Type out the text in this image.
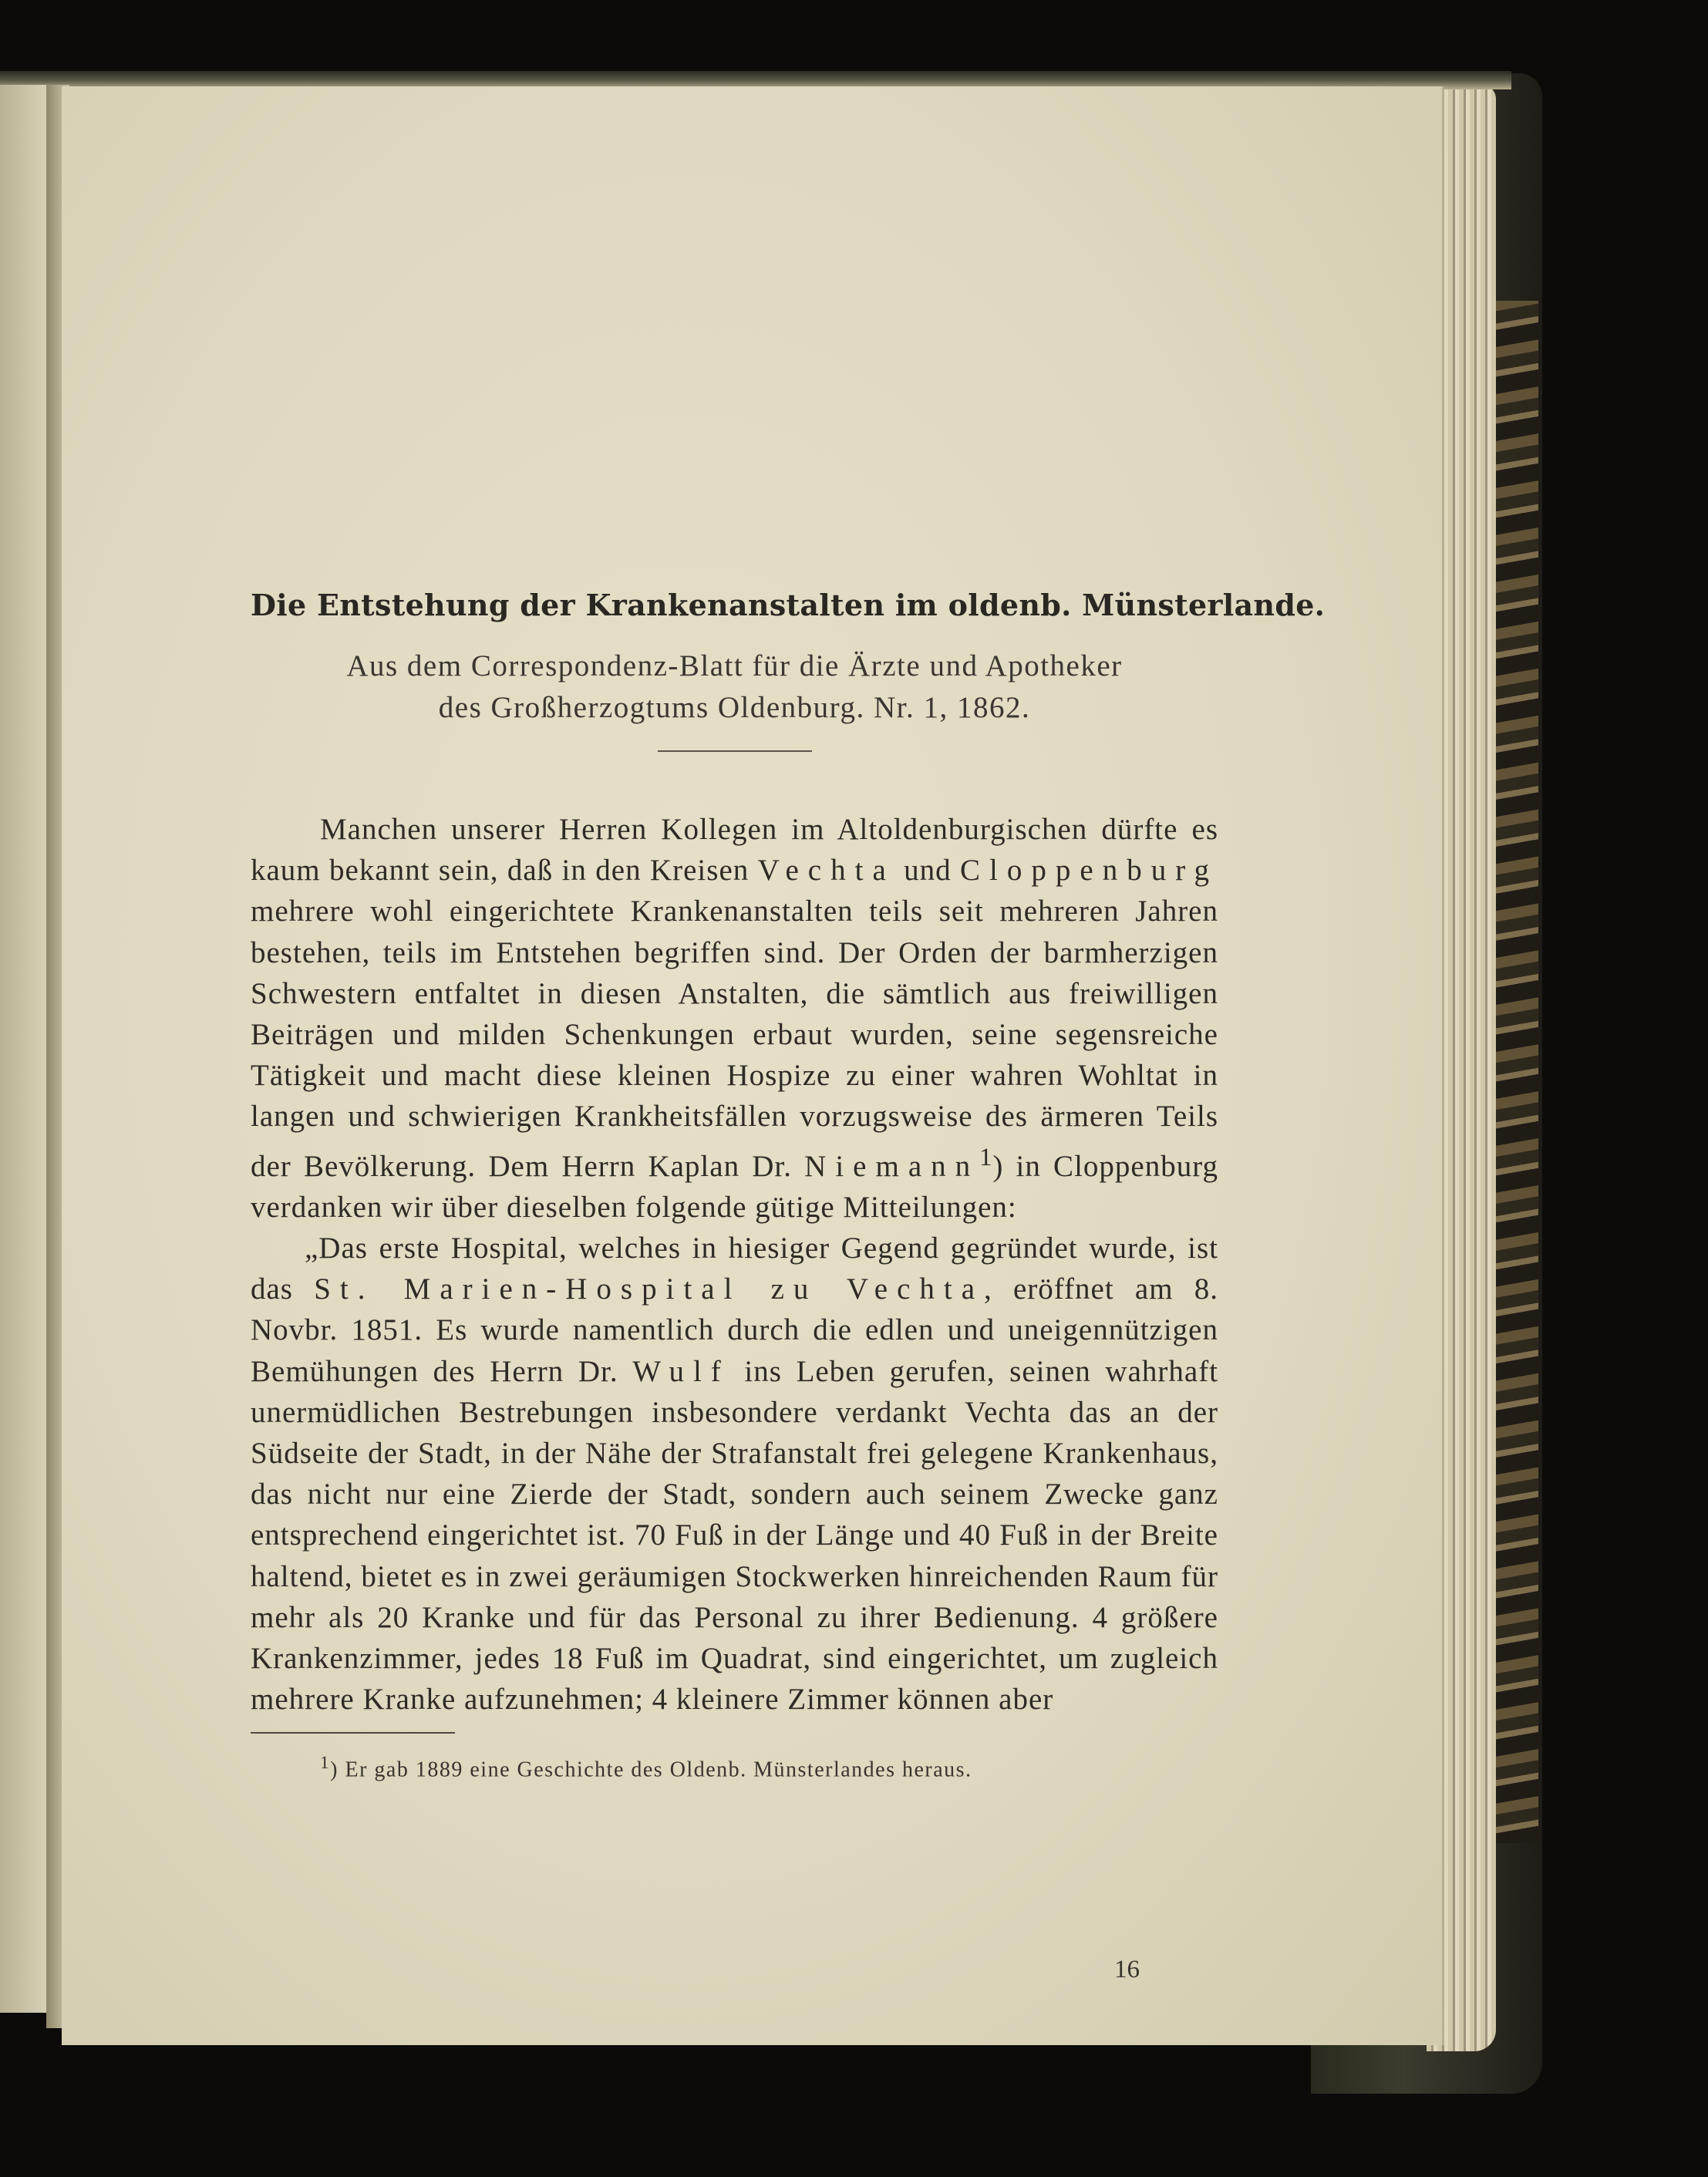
Die Entstehung der Krankenanstalten im oldenb. Münsterlande.
Aus dem Correspondenz-Blatt für die Ärzte und Apotheker
des Großherzogtums Oldenburg. Nr. 1, 1862.

Manchen unserer Herren Kollegen im Altoldenburgischen dürfte es kaum bekannt sein, daß in den Kreisen Vechta und Cloppenburg mehrere wohl eingerichtete Krankenanstalten teils seit mehreren Jahren bestehen, teils im Entstehen begriffen sind. Der Orden der barmherzigen Schwestern entfaltet in diesen Anstalten, die sämtlich aus freiwilligen Beiträgen und milden Schenkungen erbaut wurden, seine segensreiche Tätigkeit und macht diese kleinen Hospize zu einer wahren Wohltat in langen und schwierigen Krankheitsfällen vorzugsweise des ärmeren Teils der Bevölkerung. Dem Herrn Kaplan Dr. Niemann$^1$) in Cloppenburg verdanken wir über dieselben folgende gütige Mitteilungen:

„Das erste Hospital, welches in hiesiger Gegend gegründet wurde, ist das St. Marien-Hospital zu Vechta, eröffnet am 8. Novbr. 1851. Es wurde namentlich durch die edlen und uneigennützigen Bemühungen des Herrn Dr. Wulf ins Leben gerufen, seinen wahrhaft unermüdlichen Bestrebungen insbesondere verdankt Vechta das an der Südseite der Stadt, in der Nähe der Strafanstalt frei gelegene Krankenhaus, das nicht nur eine Zierde der Stadt, sondern auch seinem Zwecke ganz entsprechend eingerichtet ist. 70 Fuß in der Länge und 40 Fuß in der Breite haltend, bietet es in zwei geräumigen Stockwerken hinreichenden Raum für mehr als 20 Kranke und für das Personal zu ihrer Bedienung. 4 größere Krankenzimmer, jedes 18 Fuß im Quadrat, sind eingerichtet, um zugleich mehrere Kranke aufzunehmen; 4 kleinere Zimmer können aber

$^1$) Er gab 1889 eine Geschichte des Oldenb. Münsterlandes heraus.
16
